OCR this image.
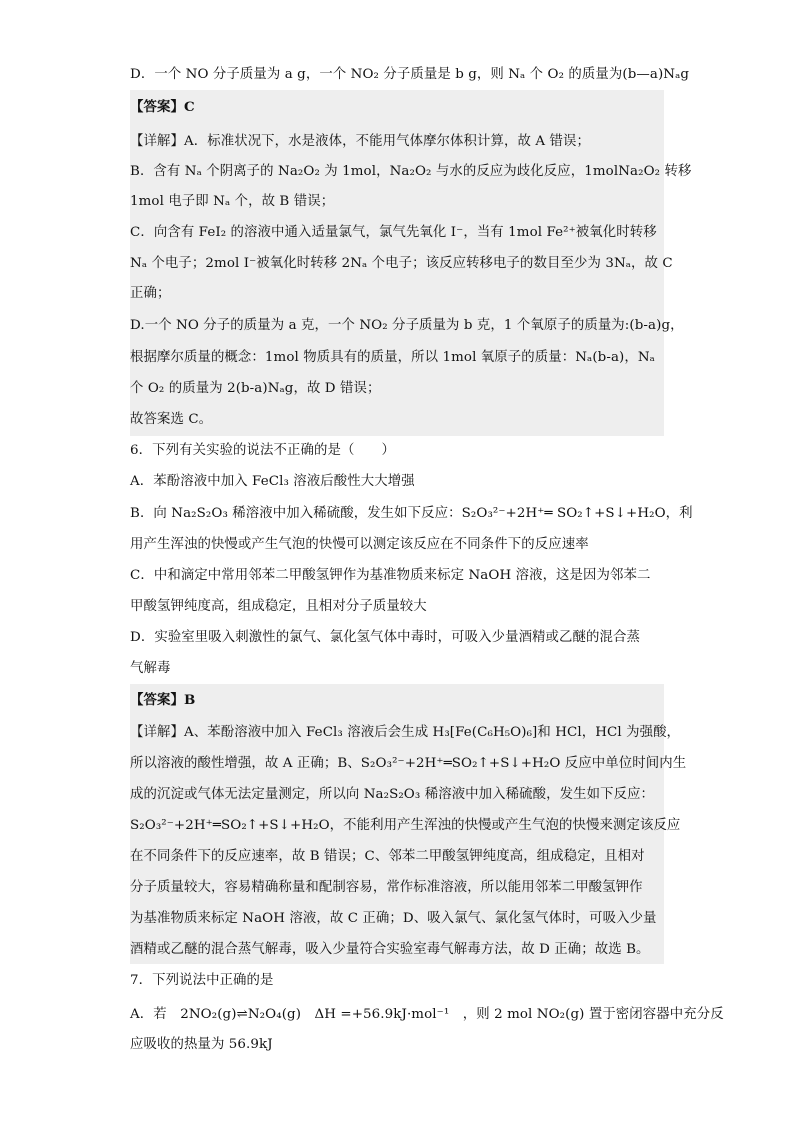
D．一个 NO 分子质量为 a g，一个 NO₂ 分子质量是 b g，则 Nₐ 个 O₂ 的质量为(b—a)Nₐg
【答案】C
【详解】A．标准状况下，水是液体，不能用气体摩尔体积计算，故 A 错误；
B．含有 Nₐ 个阴离子的 Na₂O₂ 为 1mol，Na₂O₂ 与水的反应为歧化反应，1molNa₂O₂ 转移
1mol 电子即 Nₐ 个，故 B 错误；
C．向含有 FeI₂ 的溶液中通入适量氯气，氯气先氧化 I⁻，当有 1mol Fe²⁺被氧化时转移
Nₐ 个电子；2mol I⁻被氧化时转移 2Nₐ 个电子；该反应转移电子的数目至少为 3Nₐ，故 C
正确；
D.一个 NO 分子的质量为 a 克，一个 NO₂ 分子质量为 b 克，1 个氧原子的质量为:(b-a)g，
根据摩尔质量的概念：1mol 物质具有的质量，所以 1mol 氧原子的质量：Nₐ(b-a)，Nₐ
个 O₂ 的质量为 2(b-a)Nₐg，故 D 错误；
故答案选 C。
6．下列有关实验的说法不正确的是（　　）
A．苯酚溶液中加入 FeCl₃ 溶液后酸性大大增强
B．向 Na₂S₂O₃ 稀溶液中加入稀硫酸，发生如下反应：S₂O₃²⁻+2H⁺═ SO₂↑+S↓+H₂O，利
用产生浑浊的快慢或产生气泡的快慢可以测定该反应在不同条件下的反应速率
C．中和滴定中常用邻苯二甲酸氢钾作为基准物质来标定 NaOH 溶液，这是因为邻苯二
甲酸氢钾纯度高，组成稳定，且相对分子质量较大
D．实验室里吸入刺激性的氯气、氯化氢气体中毒时，可吸入少量酒精或乙醚的混合蒸
气解毒
【答案】B
【详解】A、苯酚溶液中加入 FeCl₃ 溶液后会生成 H₃[Fe(C₆H₅O)₆]和 HCl，HCl 为强酸，
所以溶液的酸性增强，故 A 正确；B、S₂O₃²⁻+2H⁺═SO₂↑+S↓+H₂O 反应中单位时间内生
成的沉淀或气体无法定量测定，所以向 Na₂S₂O₃ 稀溶液中加入稀硫酸，发生如下反应：
S₂O₃²⁻+2H⁺═SO₂↑+S↓+H₂O，不能利用产生浑浊的快慢或产生气泡的快慢来测定该反应
在不同条件下的反应速率，故 B 错误；C、邻苯二甲酸氢钾纯度高，组成稳定，且相对
分子质量较大，容易精确称量和配制容易，常作标准溶液，所以能用邻苯二甲酸氢钾作
为基准物质来标定 NaOH 溶液，故 C 正确；D、吸入氯气、氯化氢气体时，可吸入少量
酒精或乙醚的混合蒸气解毒，吸入少量符合实验室毒气解毒方法，故 D 正确；故选 B。
7．下列说法中正确的是
A．若　2NO₂(g)⇌N₂O₄(g)　ΔH =+56.9kJ·mol⁻¹　，则 2 mol NO₂(g) 置于密闭容器中充分反
应吸收的热量为 56.9kJ
